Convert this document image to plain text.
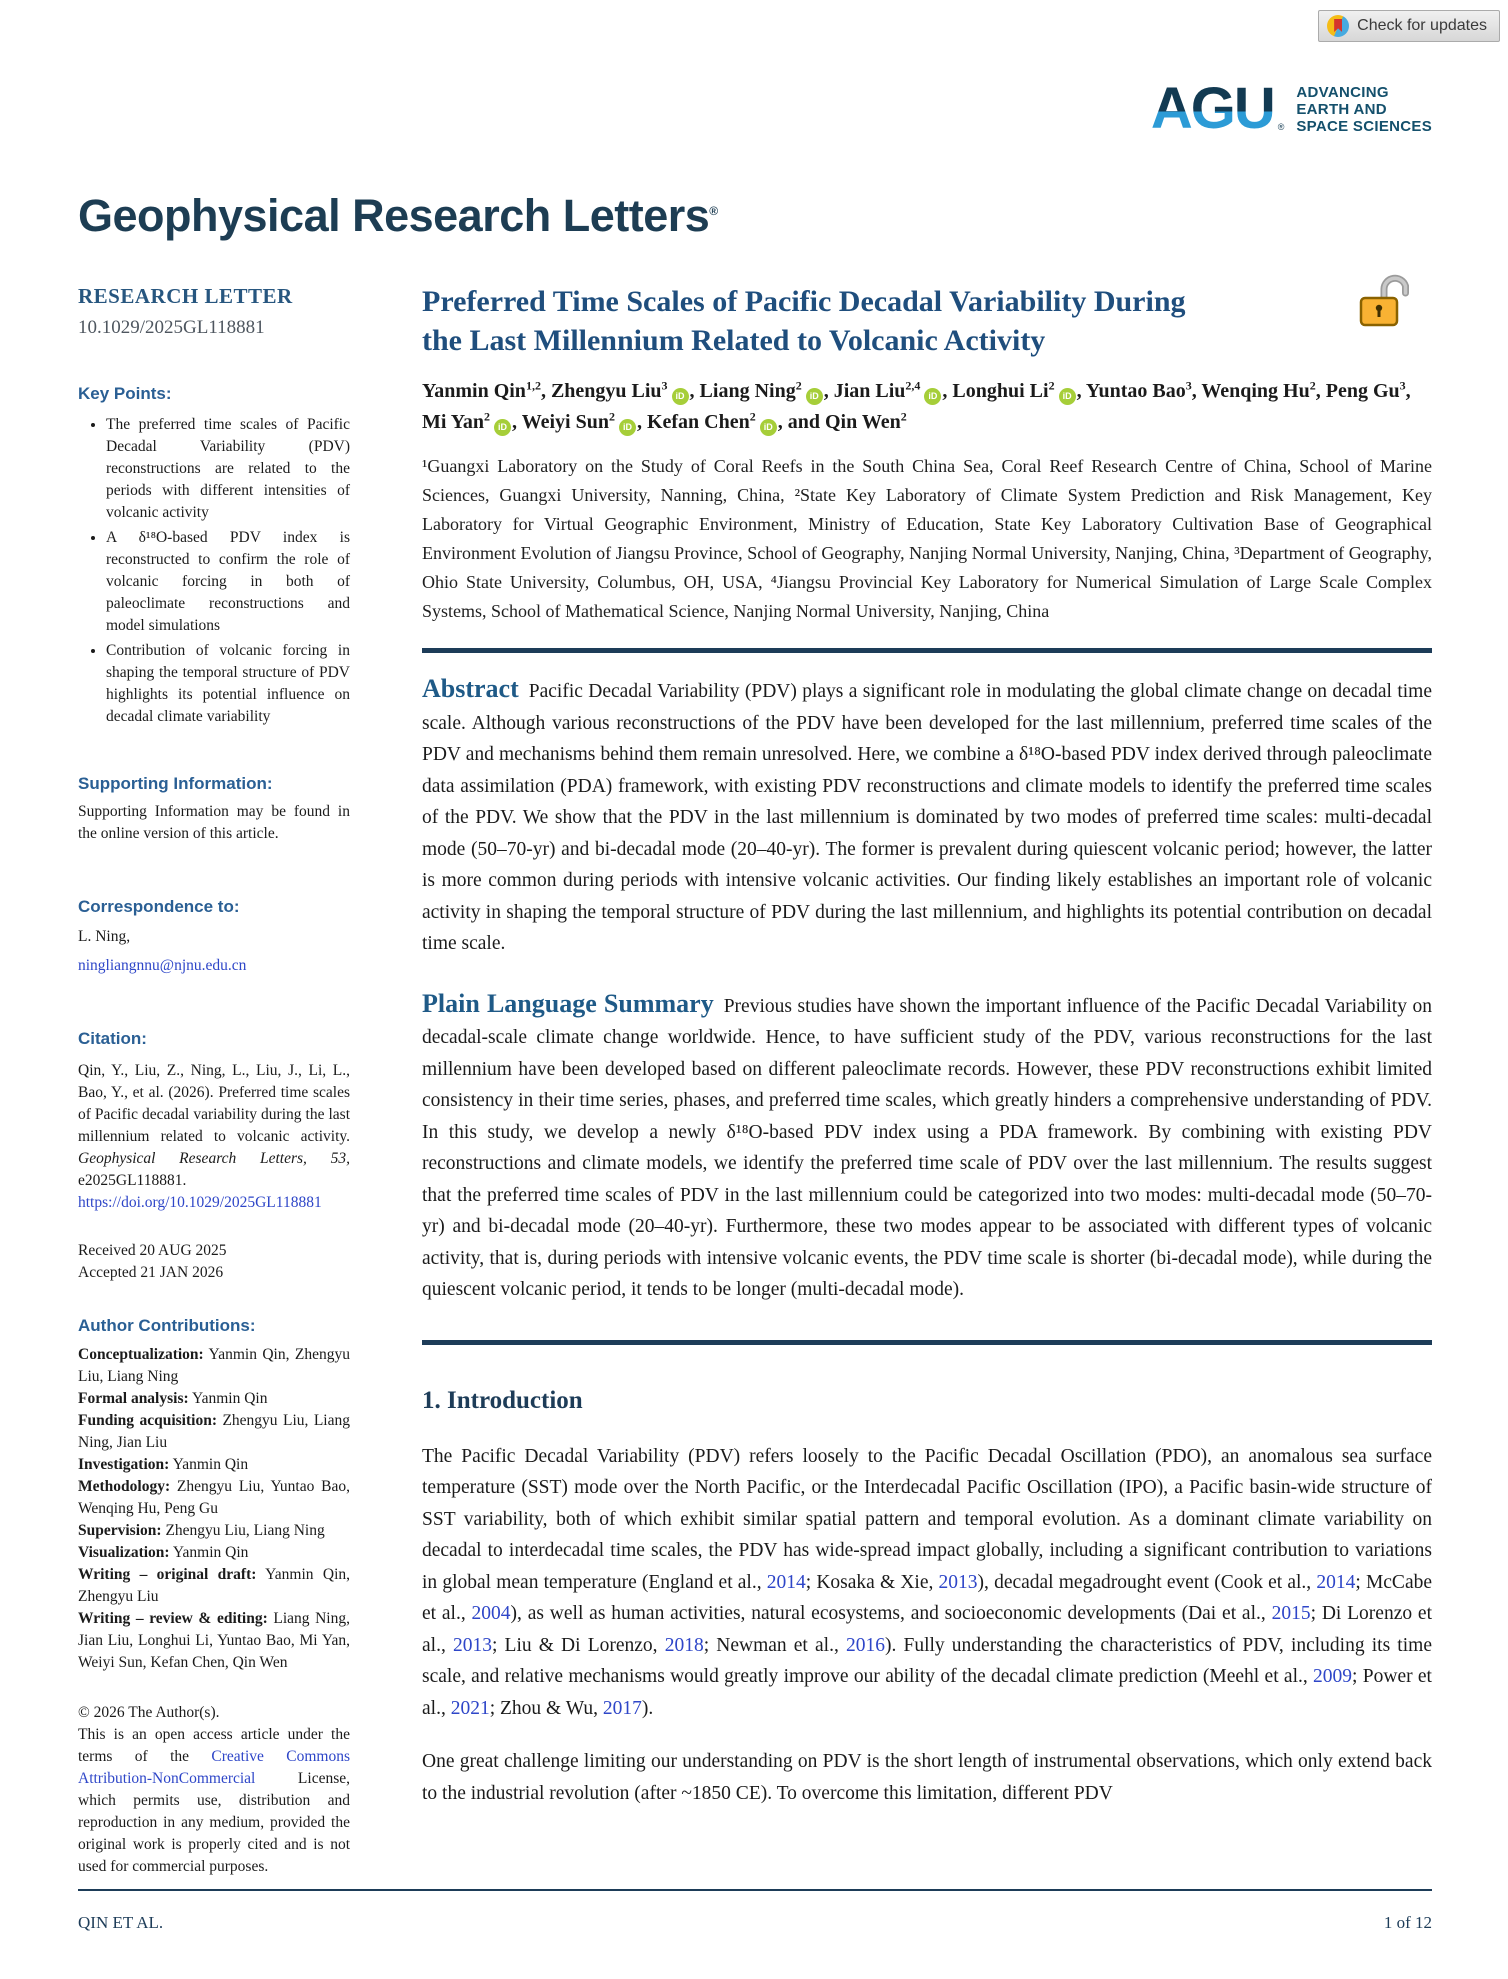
Check for updates
AGU ®
ADVANCING
EARTH AND
SPACE SCIENCES
Geophysical Research Letters®
RESEARCH LETTER
10.1029/2025GL118881
Key Points:
• The preferred time scales of Pacific Decadal Variability (PDV) reconstructions are related to the periods with different intensities of volcanic activity
• A δ¹⁸O-based PDV index is reconstructed to confirm the role of volcanic forcing in both of paleoclimate reconstructions and model simulations
• Contribution of volcanic forcing in shaping the temporal structure of PDV highlights its potential influence on decadal climate variability
Supporting Information:
Supporting Information may be found in the online version of this article.
Correspondence to:
L. Ning,
ningliangnnu@njnu.edu.cn
Citation:
Qin, Y., Liu, Z., Ning, L., Liu, J., Li, L., Bao, Y., et al. (2026). Preferred time scales of Pacific decadal variability during the last millennium related to volcanic activity. Geophysical Research Letters, 53, e2025GL118881. https://doi.org/10.1029/2025GL118881
Received 20 AUG 2025
Accepted 21 JAN 2026
Author Contributions:
Conceptualization: Yanmin Qin, Zhengyu Liu, Liang Ning
Formal analysis: Yanmin Qin
Funding acquisition: Zhengyu Liu, Liang Ning, Jian Liu
Investigation: Yanmin Qin
Methodology: Zhengyu Liu, Yuntao Bao, Wenqing Hu, Peng Gu
Supervision: Zhengyu Liu, Liang Ning
Visualization: Yanmin Qin
Writing – original draft: Yanmin Qin, Zhengyu Liu
Writing – review & editing: Liang Ning, Jian Liu, Longhui Li, Yuntao Bao, Mi Yan, Weiyi Sun, Kefan Chen, Qin Wen
© 2026 The Author(s).
This is an open access article under the terms of the Creative Commons Attribution-NonCommercial License, which permits use, distribution and reproduction in any medium, provided the original work is properly cited and is not used for commercial purposes.
Preferred Time Scales of Pacific Decadal Variability During
the Last Millennium Related to Volcanic Activity
Yanmin Qin$^{1,2}$, Zhengyu Liu$^3$iD , Liang Ning$^2$iD , Jian Liu$^{2,4}$iD , Longhui Li$^2$iD , Yuntao Bao$^3$, Wenqing Hu$^2$, Peng Gu$^3$, Mi Yan$^2$iD , Weiyi Sun$^2$iD , Kefan Chen$^2$iD , and Qin Wen$^2$
¹Guangxi Laboratory on the Study of Coral Reefs in the South China Sea, Coral Reef Research Centre of China, School of Marine Sciences, Guangxi University, Nanning, China, ²State Key Laboratory of Climate System Prediction and Risk Management, Key Laboratory for Virtual Geographic Environment, Ministry of Education, State Key Laboratory Cultivation Base of Geographical Environment Evolution of Jiangsu Province, School of Geography, Nanjing Normal University, Nanjing, China, ³Department of Geography, Ohio State University, Columbus, OH, USA, ⁴Jiangsu Provincial Key Laboratory for Numerical Simulation of Large Scale Complex Systems, School of Mathematical Science, Nanjing Normal University, Nanjing, China

Abstract Pacific Decadal Variability (PDV) plays a significant role in modulating the global climate change on decadal time scale. Although various reconstructions of the PDV have been developed for the last millennium, preferred time scales of the PDV and mechanisms behind them remain unresolved. Here, we combine a δ¹⁸O-based PDV index derived through paleoclimate data assimilation (PDA) framework, with existing PDV reconstructions and climate models to identify the preferred time scales of the PDV. We show that the PDV in the last millennium is dominated by two modes of preferred time scales: multi-decadal mode (50–70-yr) and bi-decadal mode (20–40-yr). The former is prevalent during quiescent volcanic period; however, the latter is more common during periods with intensive volcanic activities. Our finding likely establishes an important role of volcanic activity in shaping the temporal structure of PDV during the last millennium, and highlights its potential contribution on decadal time scale.

Plain Language Summary Previous studies have shown the important influence of the Pacific Decadal Variability on decadal-scale climate change worldwide. Hence, to have sufficient study of the PDV, various reconstructions for the last millennium have been developed based on different paleoclimate records. However, these PDV reconstructions exhibit limited consistency in their time series, phases, and preferred time scales, which greatly hinders a comprehensive understanding of PDV. In this study, we develop a newly δ¹⁸O-based PDV index using a PDA framework. By combining with existing PDV reconstructions and climate models, we identify the preferred time scale of PDV over the last millennium. The results suggest that the preferred time scales of PDV in the last millennium could be categorized into two modes: multi-decadal mode (50–70-yr) and bi-decadal mode (20–40-yr). Furthermore, these two modes appear to be associated with different types of volcanic activity, that is, during periods with intensive volcanic events, the PDV time scale is shorter (bi-decadal mode), while during the quiescent volcanic period, it tends to be longer (multi-decadal mode).

1. Introduction

The Pacific Decadal Variability (PDV) refers loosely to the Pacific Decadal Oscillation (PDO), an anomalous sea surface temperature (SST) mode over the North Pacific, or the Interdecadal Pacific Oscillation (IPO), a Pacific basin-wide structure of SST variability, both of which exhibit similar spatial pattern and temporal evolution. As a dominant climate variability on decadal to interdecadal time scales, the PDV has wide-spread impact globally, including a significant contribution to variations in global mean temperature (England et al., 2014; Kosaka & Xie, 2013), decadal megadrought event (Cook et al., 2014; McCabe et al., 2004), as well as human activities, natural ecosystems, and socioeconomic developments (Dai et al., 2015; Di Lorenzo et al., 2013; Liu & Di Lorenzo, 2018; Newman et al., 2016). Fully understanding the characteristics of PDV, including its time scale, and relative mechanisms would greatly improve our ability of the decadal climate prediction (Meehl et al., 2009; Power et al., 2021; Zhou & Wu, 2017).

One great challenge limiting our understanding on PDV is the short length of instrumental observations, which only extend back to the industrial revolution (after ~1850 CE). To overcome this limitation, different PDV

QIN ET AL.	1 of 12
